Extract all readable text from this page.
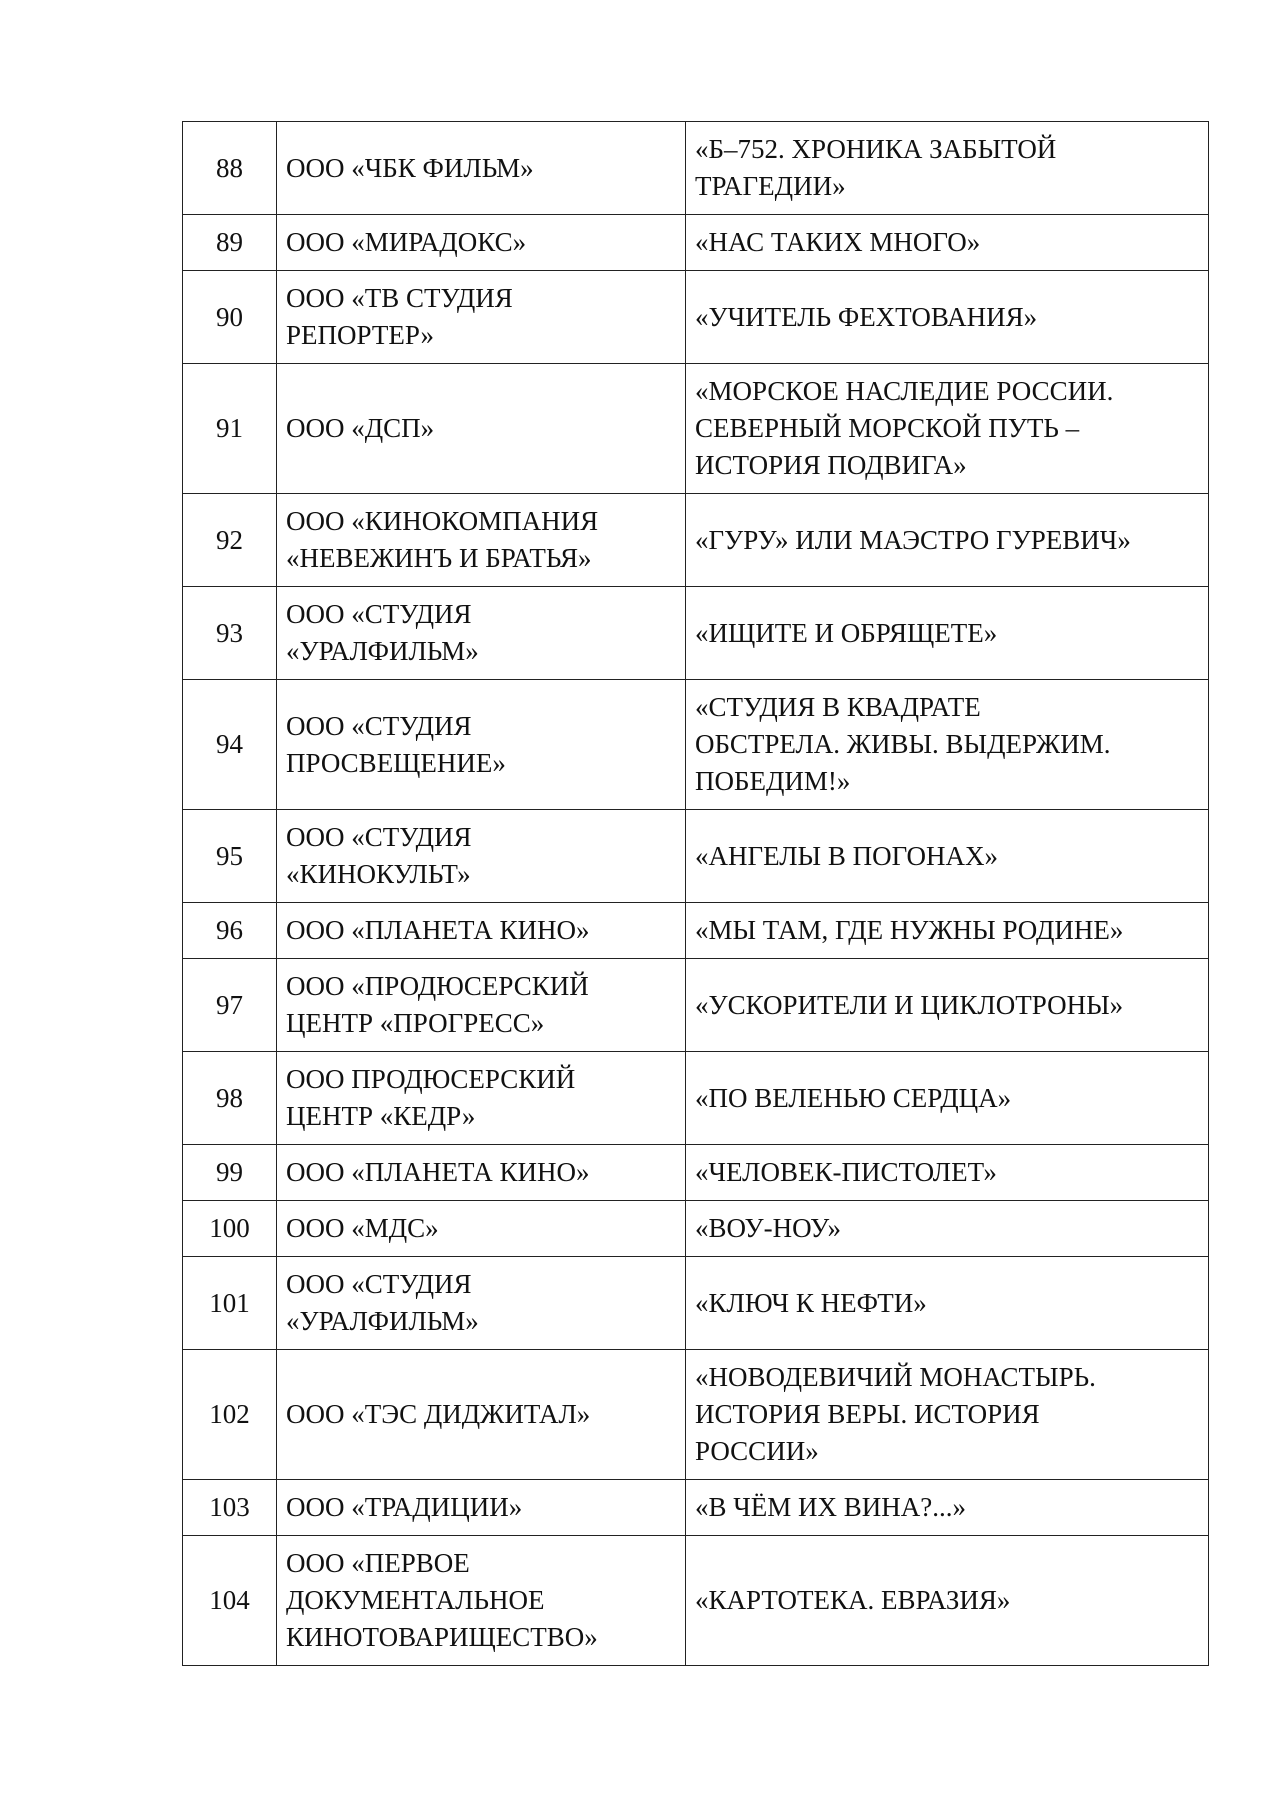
88	ООО «ЧБК ФИЛЬМ»	«Б–752. ХРОНИКА ЗАБЫТОЙ
ТРАГЕДИИ»

89	ООО «МИРАДОКС»	«НАС ТАКИХ МНОГО»

90	ООО «ТВ СТУДИЯ
РЕПОРТЕР»	«УЧИТЕЛЬ ФЕХТОВАНИЯ»

91	ООО «ДСП»	«МОРСКОЕ НАСЛЕДИЕ РОССИИ.
СЕВЕРНЫЙ МОРСКОЙ ПУТЬ –
ИСТОРИЯ ПОДВИГА»

92	ООО «КИНОКОМПАНИЯ
«НЕВЕЖИНЪ И БРАТЬЯ»	«ГУРУ» ИЛИ МАЭСТРО ГУРЕВИЧ»

93	ООО «СТУДИЯ
«УРАЛФИЛЬМ»	«ИЩИТЕ И ОБРЯЩЕТЕ»

94	ООО «СТУДИЯ
ПРОСВЕЩЕНИЕ»	«СТУДИЯ В КВАДРАТЕ
ОБСТРЕЛА. ЖИВЫ. ВЫДЕРЖИМ.
ПОБЕДИМ!»

95	ООО «СТУДИЯ
«КИНОКУЛЬТ»	«АНГЕЛЫ В ПОГОНАХ»

96	ООО «ПЛАНЕТА КИНО»	«МЫ ТАМ, ГДЕ НУЖНЫ РОДИНЕ»

97	ООО «ПРОДЮСЕРСКИЙ
ЦЕНТР «ПРОГРЕСС»	«УСКОРИТЕЛИ И ЦИКЛОТРОНЫ»

98	ООО ПРОДЮСЕРСКИЙ
ЦЕНТР «КЕДР»	«ПО ВЕЛЕНЬЮ СЕРДЦА»

99	ООО «ПЛАНЕТА КИНО»	«ЧЕЛОВЕК-ПИСТОЛЕТ»

100	ООО «МДС»	«ВОУ-НОУ»

101	ООО «СТУДИЯ
«УРАЛФИЛЬМ»	«КЛЮЧ К НЕФТИ»

102	ООО «ТЭС ДИДЖИТАЛ»	«НОВОДЕВИЧИЙ МОНАСТЫРЬ.
ИСТОРИЯ ВЕРЫ. ИСТОРИЯ
РОССИИ»

103	ООО «ТРАДИЦИИ»	«В ЧЁМ ИХ ВИНА?...»

104	ООО «ПЕРВОЕ
ДОКУМЕНТАЛЬНОЕ
КИНОТОВАРИЩЕСТВО»	«КАРТОТЕКА. ЕВРАЗИЯ»
